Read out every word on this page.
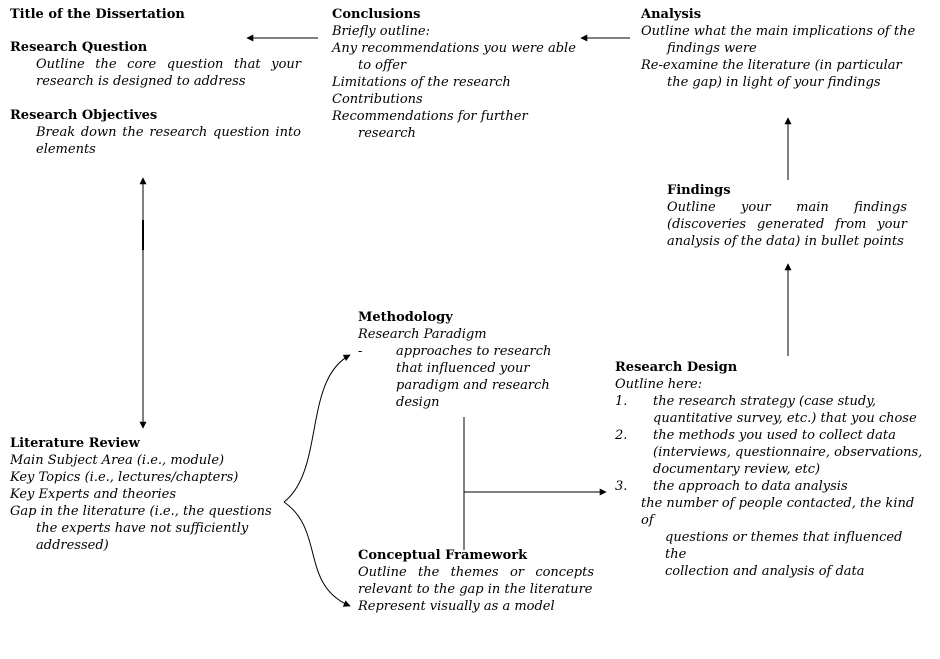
Title of the Dissertation
Research Question
Outline the core question that your
research is designed to address
Research Objectives
Break down the research question into
elements
Conclusions
Briefly outline:
Any recommendations you were able
to offer
Limitations of the research
Contributions
Recommendations for further
research
Analysis
Outline what the main implications of the
findings were
Re-examine the literature (in particular
the gap) in light of your findings
Findings
Outline your main findings
(discoveries generated from your
analysis of the data) in bullet points
Methodology
Research Paradigm
-	approaches to research
that influenced your
paradigm and research
design
Research Design
Outline here:
1.	the research strategy (case study,
quantitative survey, etc.) that you chose
2.	the methods you used to collect data
(interviews, questionnaire, observations,
documentary review, etc)
3.	the approach to data analysis
the number of people contacted, the kind of
questions or themes that influenced the
collection and analysis of data
Literature Review
Main Subject Area (i.e., module)
Key Topics (i.e., lectures/chapters)
Key Experts and theories
Gap in the literature (i.e., the questions
the experts have not sufficiently
addressed)
Conceptual Framework
Outline the themes or concepts
relevant to the gap in the literature
Represent visually as a model
